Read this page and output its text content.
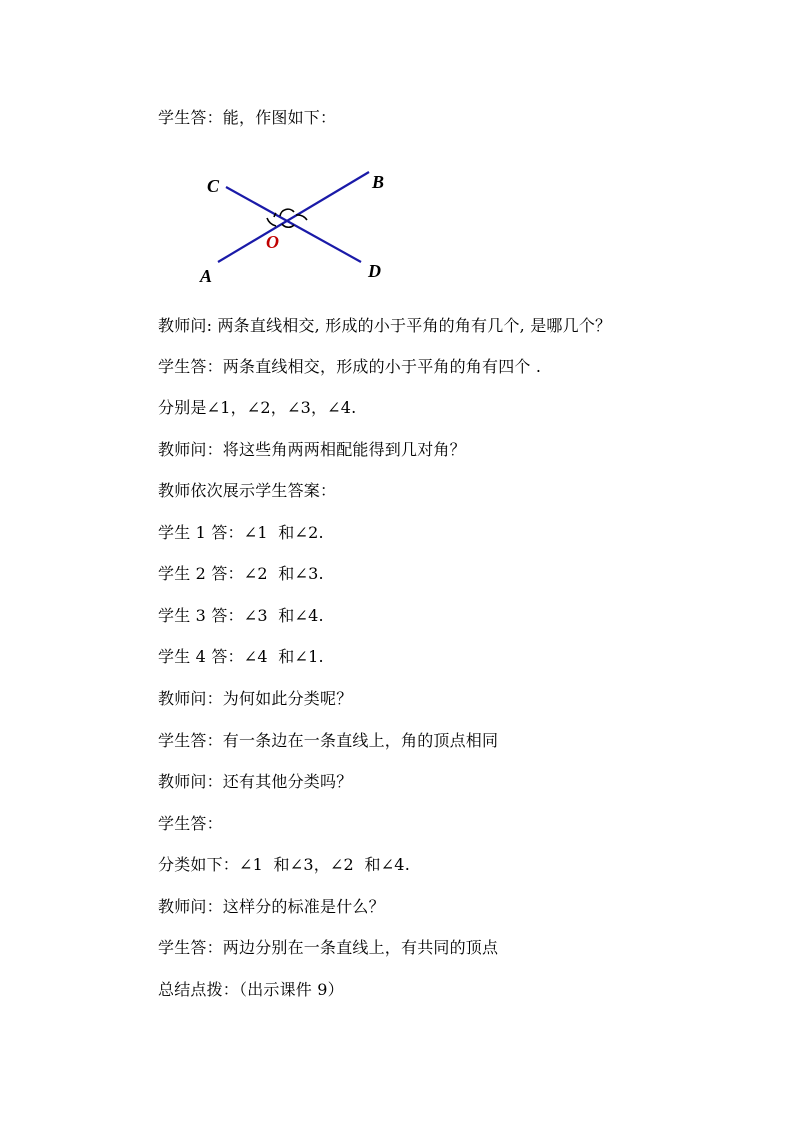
学生答：能，作图如下：
C	B
O
A	D
教师问: 两条直线相交, 形成的小于平角的角有几个, 是哪几个？
学生答：两条直线相交，形成的小于平角的角有四个 .
分别是∠1，∠2，∠3，∠4.
教师问：将这些角两两相配能得到几对角？
教师依次展示学生答案：
学生 1 答：∠1  和∠2.
学生 2 答：∠2  和∠3.
学生 3 答：∠3  和∠4.
学生 4 答：∠4  和∠1.
教师问：为何如此分类呢？
学生答：有一条边在一条直线上，角的顶点相同
教师问：还有其他分类吗？
学生答：
分类如下：∠1  和∠3，∠2  和∠4.
教师问：这样分的标准是什么？
学生答：两边分别在一条直线上，有共同的顶点
总结点拨：（出示课件 9）
